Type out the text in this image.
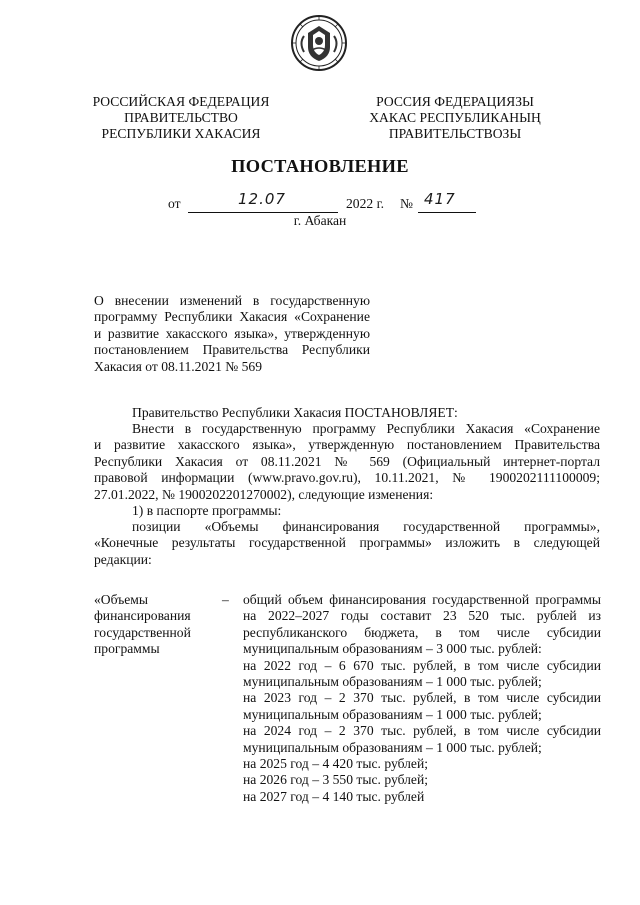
РОССИЙСКАЯ ФЕДЕРАЦИЯ
ПРАВИТЕЛЬСТВО
РЕСПУБЛИКИ ХАКАСИЯ
РОССИЯ ФЕДЕРАЦИЯЗЫ
ХАКАС РЕСПУБЛИКАНЫҢ
ПРАВИТЕЛЬСТВОЗЫ
ПОСТАНОВЛЕНИЕ
от	12.07	2022 г. № 417
г. Абакан
О внесении изменений в государственную
программу Республики Хакасия «Сохранение
и развитие хакасского языка», утвержденную
постановлением Правительства Республики
Хакасия от 08.11.2021 № 569
Правительство Республики Хакасия ПОСТАНОВЛЯЕТ:
Внести в государственную программу Республики Хакасия «Сохранение
и развитие хакасского языка», утвержденную постановлением Правительства
Республики Хакасия от 08.11.2021 № 569 (Официальный интернет-портал
правовой информации (www.pravo.gov.ru), 10.11.2021, № 1900202111100009;
27.01.2022, № 1900202201270002), следующие изменения:
1) в паспорте программы:
позиции «Объемы финансирования государственной программы»,
«Конечные результаты государственной программы» изложить в следующей
редакции:
«Объемы
финансирования
государственной
программы
– общий объем финансирования государственной программы
на 2022–2027 годы составит 23 520 тыс. рублей из
республиканского бюджета, в том числе субсидии
муниципальным образованиям – 3 000 тыс. рублей:
на 2022 год – 6 670 тыс. рублей, в том числе субсидии
муниципальным образованиям – 1 000 тыс. рублей;
на 2023 год – 2 370 тыс. рублей, в том числе субсидии
муниципальным образованиям – 1 000 тыс. рублей;
на 2024 год – 2 370 тыс. рублей, в том числе субсидии
муниципальным образованиям – 1 000 тыс. рублей;
на 2025 год – 4 420 тыс. рублей;
на 2026 год – 3 550 тыс. рублей;
на 2027 год – 4 140 тыс. рублей
